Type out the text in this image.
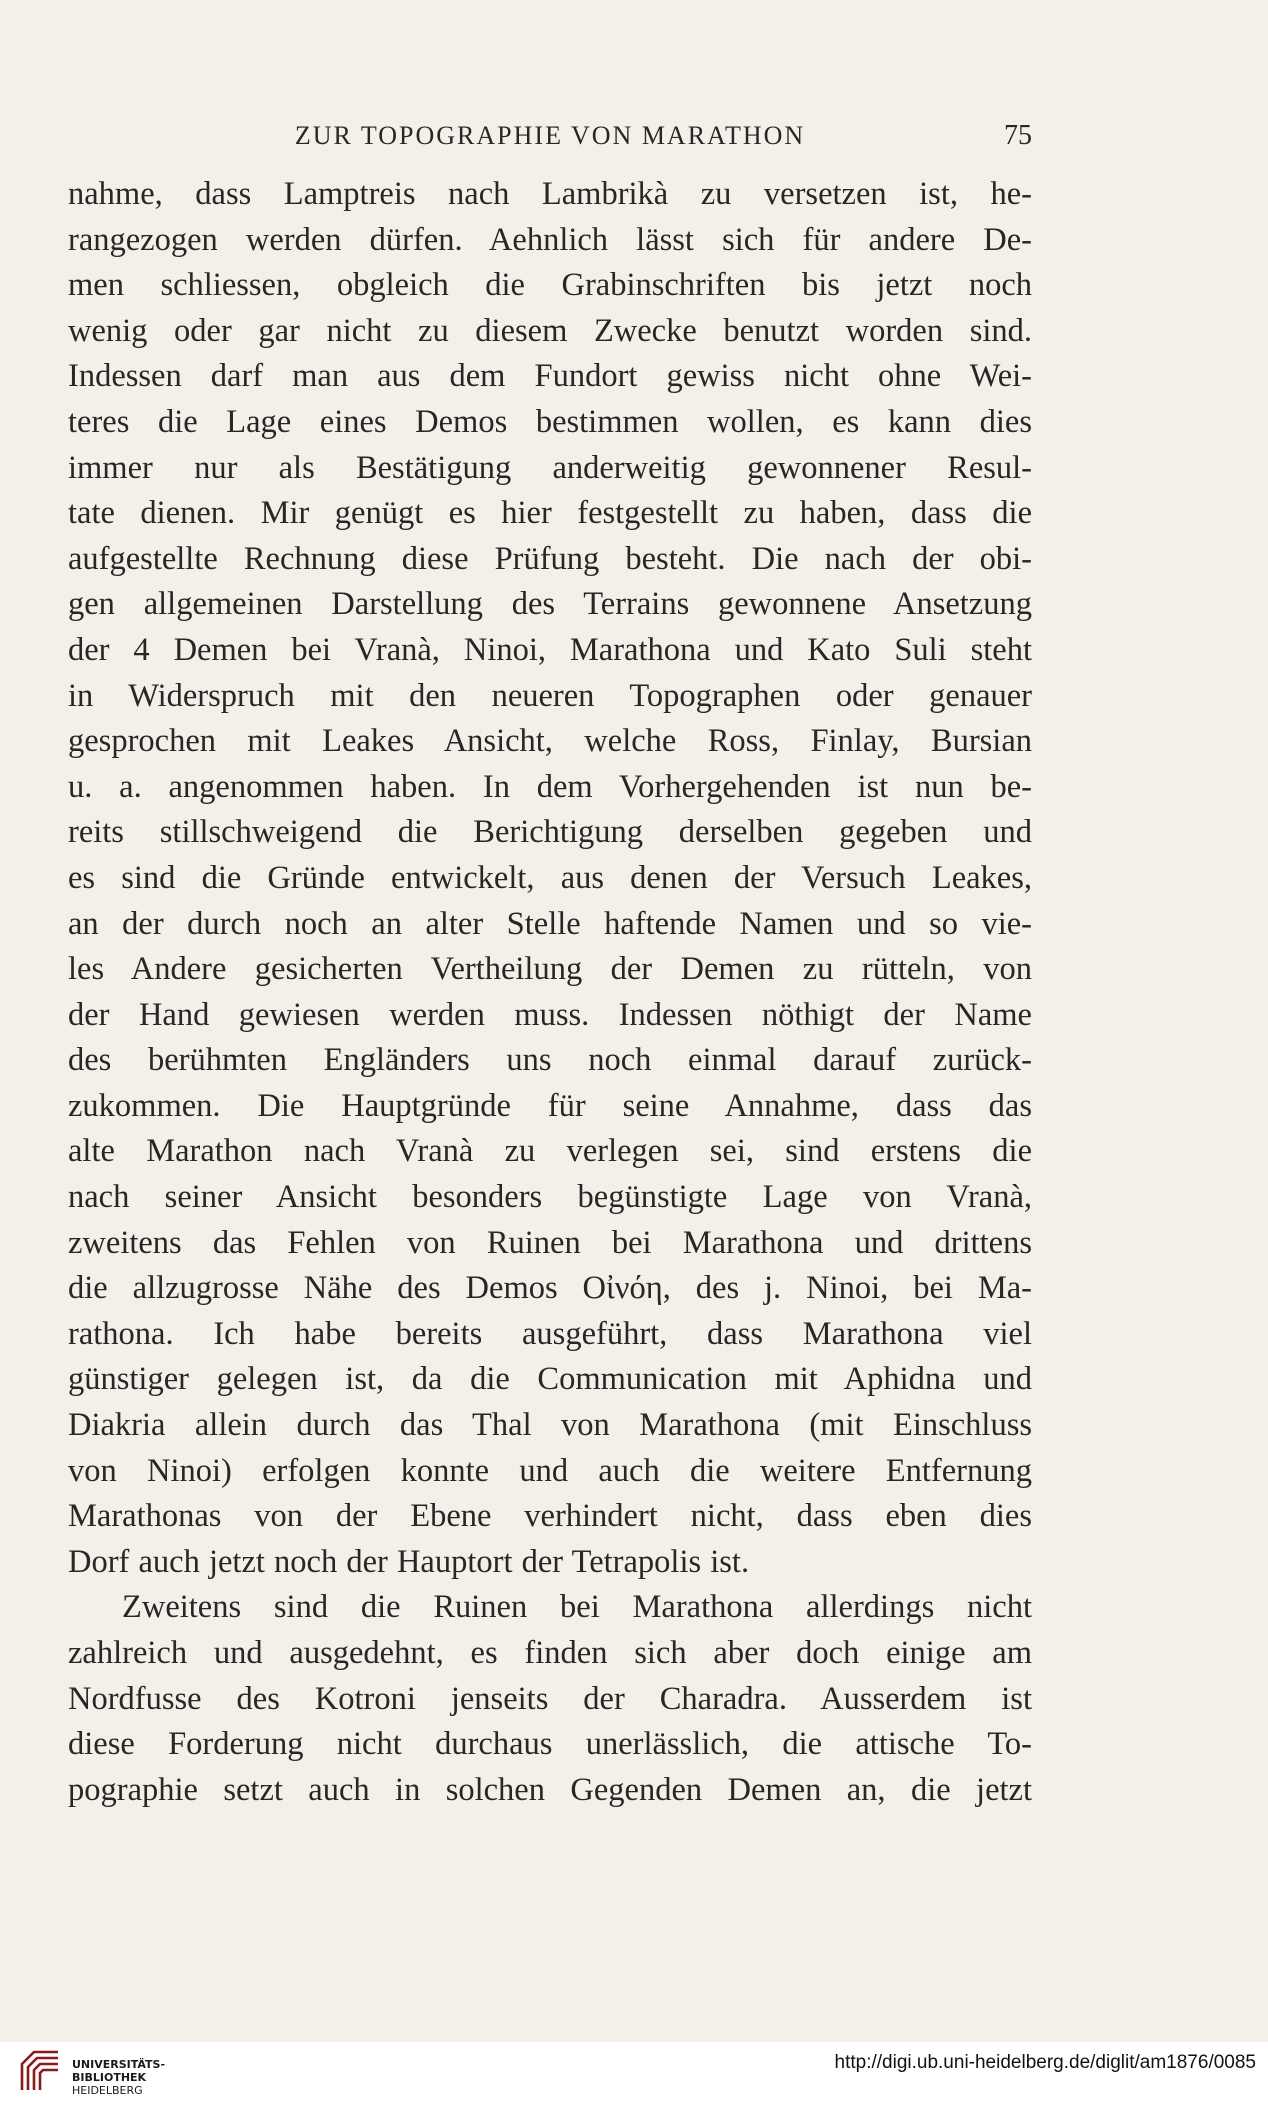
ZUR TOPOGRAPHIE VON MARATHON	75
nahme, dass Lamptreis nach Lambrikà zu versetzen ist, he-
rangezogen werden dürfen. Aehnlich lässt sich für andere De-
men schliessen, obgleich die Grabinschriften bis jetzt noch
wenig oder gar nicht zu diesem Zwecke benutzt worden sind.
Indessen darf man aus dem Fundort gewiss nicht ohne Wei-
teres die Lage eines Demos bestimmen wollen, es kann dies
immer nur als Bestätigung anderweitig gewonnener Resul-
tate dienen. Mir genügt es hier festgestellt zu haben, dass die
aufgestellte Rechnung diese Prüfung besteht. Die nach der obi-
gen allgemeinen Darstellung des Terrains gewonnene Ansetzung
der 4 Demen bei Vranà, Ninoi, Marathona und Kato Suli steht
in Widerspruch mit den neueren Topographen oder genauer
gesprochen mit Leakes Ansicht, welche Ross, Finlay, Bursian
u. a. angenommen haben. In dem Vorhergehenden ist nun be-
reits stillschweigend die Berichtigung derselben gegeben und
es sind die Gründe entwickelt, aus denen der Versuch Leakes,
an der durch noch an alter Stelle haftende Namen und so vie-
les Andere gesicherten Vertheilung der Demen zu rütteln, von
der Hand gewiesen werden muss. Indessen nöthigt der Name
des berühmten Engländers uns noch einmal darauf zurück-
zukommen. Die Hauptgründe für seine Annahme, dass das
alte Marathon nach Vranà zu verlegen sei, sind erstens die
nach seiner Ansicht besonders begünstigte Lage von Vranà,
zweitens das Fehlen von Ruinen bei Marathona und drittens
die allzugrosse Nähe des Demos Οἰνόη, des j. Ninoi, bei Ma-
rathona. Ich habe bereits ausgeführt, dass Marathona viel
günstiger gelegen ist, da die Communication mit Aphidna und
Diakria allein durch das Thal von Marathona (mit Einschluss
von Ninoi) erfolgen konnte und auch die weitere Entfernung
Marathonas von der Ebene verhindert nicht, dass eben dies
Dorf auch jetzt noch der Hauptort der Tetrapolis ist.
Zweitens sind die Ruinen bei Marathona allerdings nicht
zahlreich und ausgedehnt, es finden sich aber doch einige am
Nordfusse des Kotroni jenseits der Charadra. Ausserdem ist
diese Forderung nicht durchaus unerlässlich, die attische To-
pographie setzt auch in solchen Gegenden Demen an, die jetzt
UNIVERSITÄTS-
BIBLIOTHEK
HEIDELBERG
http://digi.ub.uni-heidelberg.de/diglit/am1876/0085
